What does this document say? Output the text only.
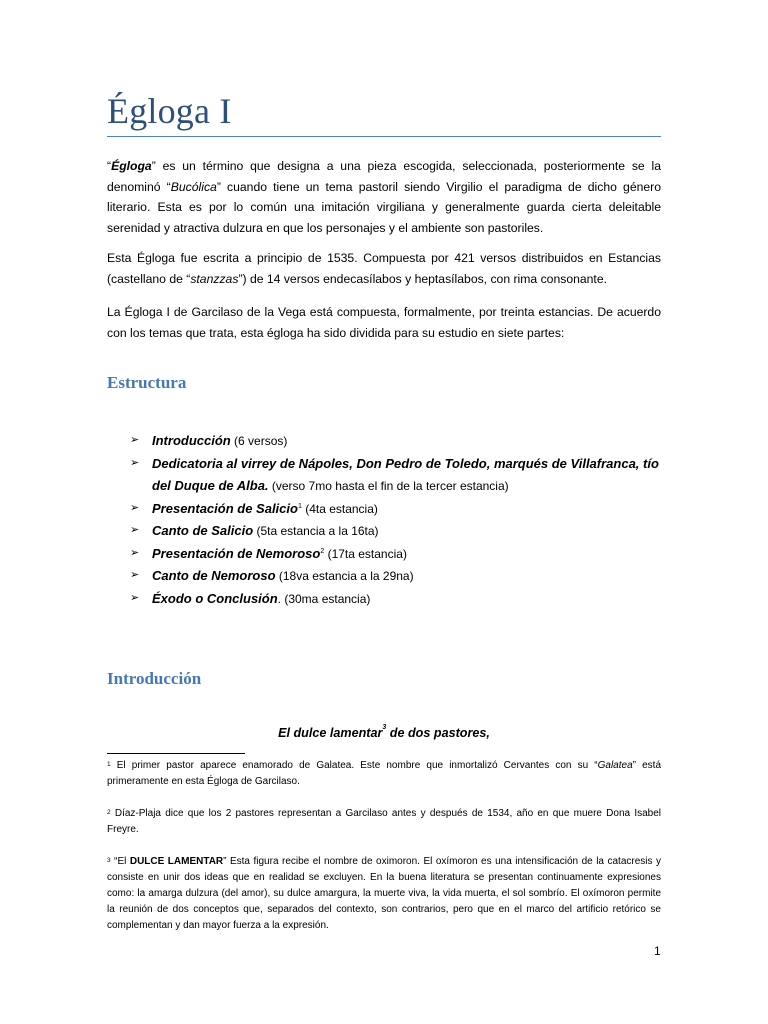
Égloga I

“Égloga” es un término que designa a una pieza escogida, seleccionada, posteriormente se la denominó “Bucólica” cuando tiene un tema pastoril siendo Virgilio el paradigma de dicho género literario. Esta es por lo común una imitación virgiliana y generalmente guarda cierta deleitable serenidad y atractiva dulzura en que los personajes y el ambiente son pastoriles.

Esta Égloga fue escrita a principio de 1535. Compuesta por 421 versos distribuidos en Estancias (castellano de “stanzzas”) de 14 versos endecasílabos y heptasílabos, con rima consonante.

La Égloga I de Garcilaso de la Vega está compuesta, formalmente, por treinta estancias. De acuerdo con los temas que trata, esta égloga ha sido dividida para su estudio en siete partes:

Estructura
➢ Introducción (6 versos)
➢ Dedicatoria al virrey de Nápoles, Don Pedro de Toledo, marqués de Villafranca, tío del Duque de Alba. (verso 7mo hasta el fin de la tercer estancia)
➢ Presentación de Salicio$^1$ (4ta estancia)
➢ Canto de Salicio (5ta estancia a la 16ta)
➢ Presentación de Nemoroso$^2$ (17ta estancia)
➢ Canto de Nemoroso (18va estancia a la 29na)
➢ Éxodo o Conclusión. (30ma estancia)
Introducción
El dulce lamentar$^3$ de dos pastores,

$^1$ El primer pastor aparece enamorado de Galatea. Este nombre que inmortalizó Cervantes con su “Galatea” está primeramente en esta Égloga de Garcilaso.

$^2$ Díaz-Plaja dice que los 2 pastores representan a Garcilaso antes y después de 1534, año en que muere Dona Isabel Freyre.

$^3$ “El DULCE LAMENTAR” Esta figura recibe el nombre de oximoron. El oxímoron es una intensificación de la catacresis y consiste en unir dos ideas que en realidad se excluyen. En la buena literatura se presentan continuamente expresiones como: la amarga dulzura (del amor), su dulce amargura, la muerte viva, la vida muerta, el sol sombrío. El oxímoron permite la reunión de dos conceptos que, separados del contexto, son contrarios, pero que en el marco del artificio retórico se complementan y dan mayor fuerza a la expresión.

1
